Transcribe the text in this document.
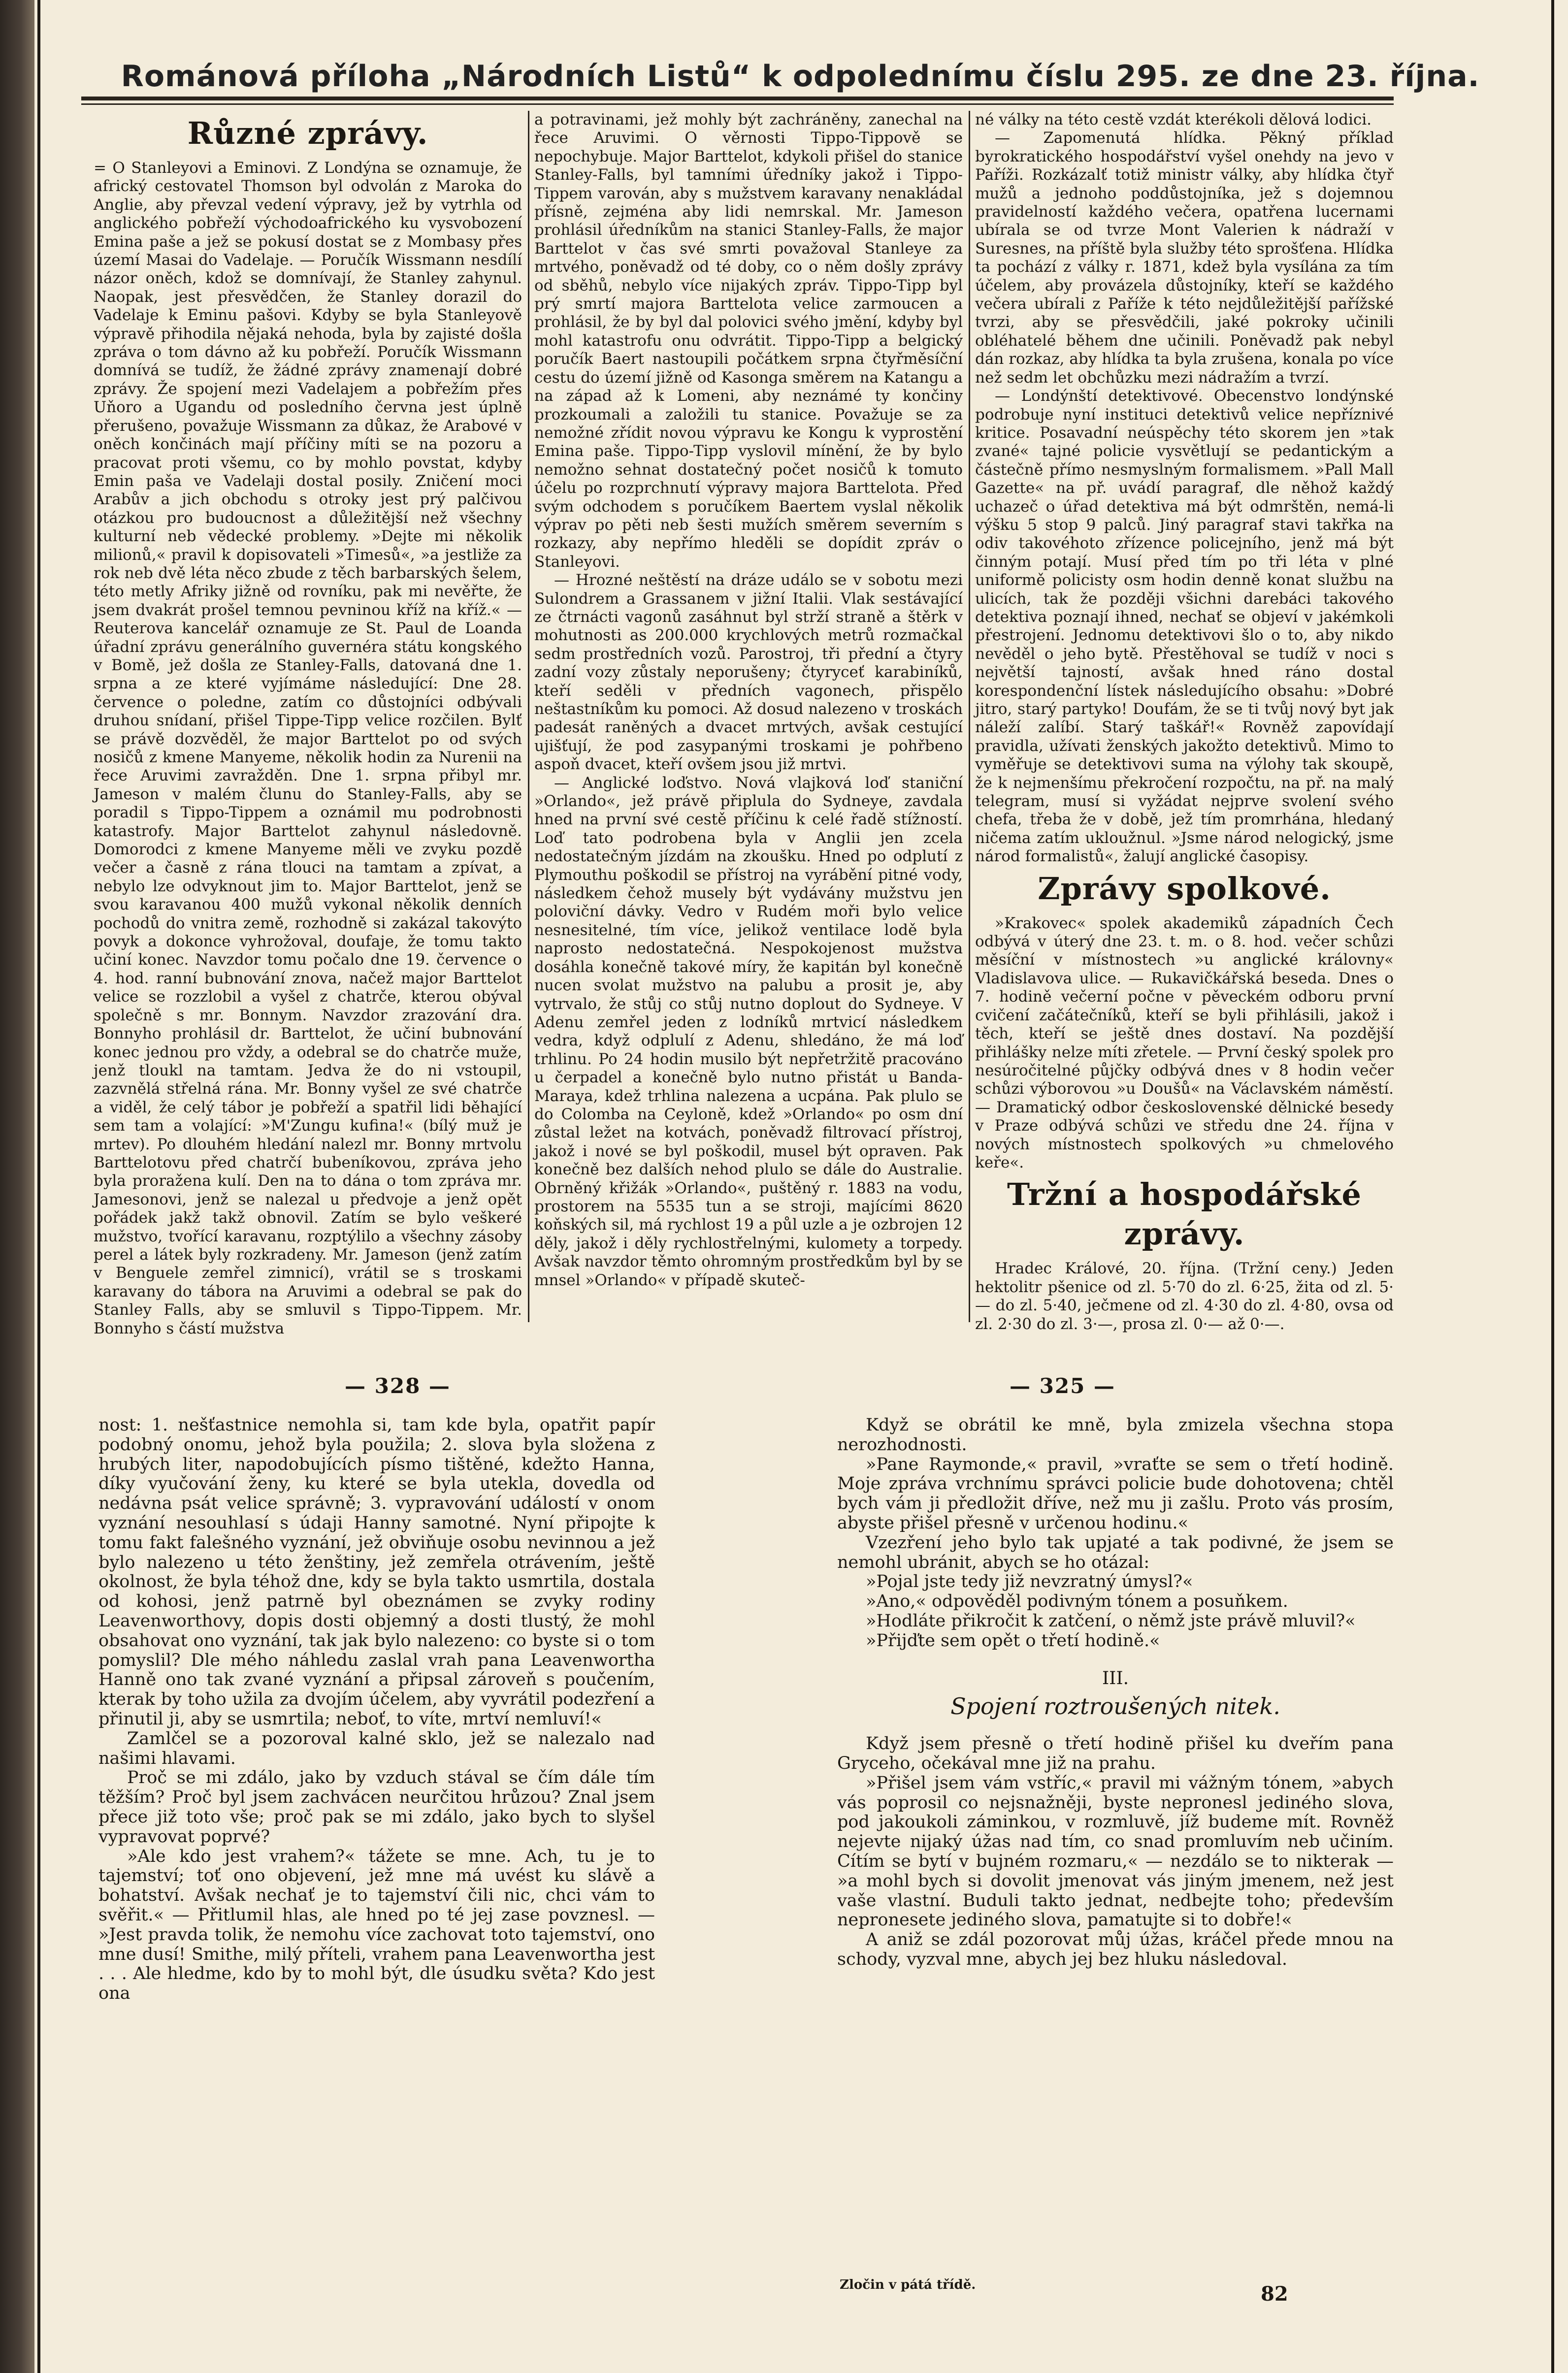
Románová příloha „Národních Listů“ k odpolednímu číslu 295. ze dne 23. října.
Různé zprávy.

= O Stanleyovi a Eminovi. Z Londýna se oznamuje, že africký cestovatel Thomson byl odvolán z Maroka do Anglie, aby převzal vedení výpravy, jež by vytrhla od anglického pobřeží východoafrického ku vysvobození Emina paše a jež se pokusí dostat se z Mombasy přes území Masai do Vadelaje. — Poručík Wissmann nesdílí názor oněch, kdož se domnívají, že Stanley zahynul. Naopak, jest přesvědčen, že Stanley dorazil do Vadelaje k Eminu pašovi. Kdyby se byla Stanleyově výpravě přihodila nějaká nehoda, byla by zajisté došla zpráva o tom dávno až ku pobřeží. Poručík Wissmann domnívá se tudíž, že žádné zprávy znamenají dobré zprávy. Že spojení mezi Vadelajem a pobřežím přes Uňoro a Ugandu od posledního června jest úplně přerušeno, považuje Wissmann za důkaz, že Arabové v oněch končinách mají příčiny míti se na pozoru a pracovat proti všemu, co by mohlo povstat, kdyby Emin paša ve Vadelaji dostal posily. Zničení moci Arabův a jich obchodu s otroky jest prý palčivou otázkou pro budoucnost a důležitější než všechny kulturní neb vědecké problemy. »Dejte mi několik milionů,« pravil k dopisovateli »Timesů«, »a jestliže za rok neb dvě léta něco zbude z těch barbarských šelem, této metly Afriky jižně od rovníku, pak mi nevěřte, že jsem dvakrát prošel temnou pevninou kříž na kříž.« — Reuterova kancelář oznamuje ze St. Paul de Loanda úřadní zprávu generálního guvernéra státu kongského v Bomě, jež došla ze Stanley-Falls, datovaná dne 1. srpna a ze které vyjímáme následující: Dne 28. července o poledne, zatím co důstojníci odbývali druhou snídaní, přišel Tippe-Tipp velice rozčilen. Bylť se právě dozvěděl, že major Barttelot po od svých nosičů z kmene Manyeme, několik hodin za Nurenii na řece Aruvimi zavražděn. Dne 1. srpna přibyl mr. Jameson v malém člunu do Stanley-Falls, aby se poradil s Tippo-Tippem a oznámil mu podrobnosti katastrofy. Major Barttelot zahynul následovně. Domorodci z kmene Manyeme měli ve zvyku pozdě večer a časně z rána tlouci na tamtam a zpívat, a nebylo lze odvyknout jim to. Major Barttelot, jenž se svou karavanou 400 mužů vykonal několik denních pochodů do vnitra země, rozhodně si zakázal takovýto povyk a dokonce vyhrožoval, doufaje, že tomu takto učiní konec. Navzdor tomu počalo dne 19. července o 4. hod. ranní bubnování znova, načež major Barttelot velice se rozzlobil a vyšel z chatrče, kterou obýval společně s mr. Bonnym. Navzdor zrazování dra. Bonnyho prohlásil dr. Barttelot, že učiní bubnování konec jednou pro vždy, a odebral se do chatrče muže, jenž tloukl na tamtam. Jedva že do ni vstoupil, zazvnělá střelná rána. Mr. Bonny vyšel ze své chatrče a viděl, že celý tábor je pobřeží a spatřil lidi běhající sem tam a volající: »M'Zungu kufina!« (bílý muž je mrtev). Po dlouhém hledání nalezl mr. Bonny mrtvolu Barttelotovu před chatrčí bubeníkovou, zpráva jeho byla proražena kulí. Den na to dána o tom zpráva mr. Jamesonovi, jenž se nalezal u předvoje a jenž opět pořádek jakž takž obnovil. Zatím se bylo veškeré mužstvo, tvořící karavanu, rozptýlilo a všechny zásoby perel a látek byly rozkradeny. Mr. Jameson (jenž zatím v Benguele zemřel zimnicí), vrátil se s troskami karavany do tábora na Aruvimi a odebral se pak do Stanley Falls, aby se smluvil s Tippo-Tippem. Mr. Bonnyho s částí mužstva

a potravinami, jež mohly být zachráněny, zanechal na řece Aruvimi. O věrnosti Tippo-Tippově se nepochybuje. Major Barttelot, kdykoli přišel do stanice Stanley-Falls, byl tamními úředníky jakož i Tippo-Tippem varován, aby s mužstvem karavany nenakládal přísně, zejména aby lidi nemrskal. Mr. Jameson prohlásil úředníkům na stanici Stanley-Falls, že major Barttelot v čas své smrti považoval Stanleye za mrtvého, poněvadž od té doby, co o něm došly zprávy od sběhů, nebylo více nijakých zpráv. Tippo-Tipp byl prý smrtí majora Barttelota velice zarmoucen a prohlásil, že by byl dal polovici svého jmění, kdyby byl mohl katastrofu onu odvrátit. Tippo-Tipp a belgický poručík Baert nastoupili počátkem srpna čtyřměsíční cestu do území jižně od Kasonga směrem na Katangu a na západ až k Lomeni, aby neznámé ty končiny prozkoumali a založili tu stanice. Považuje se za nemožné zřídit novou výpravu ke Kongu k vyprostění Emina paše. Tippo-Tipp vyslovil mínění, že by bylo nemožno sehnat dostatečný počet nosičů k tomuto účelu po rozprchnutí výpravy majora Barttelota. Před svým odchodem s poručíkem Baertem vyslal několik výprav po pěti neb šesti mužích směrem severním s rozkazy, aby nepřímo hleděli se dopídit zpráv o Stanleyovi.

— Hrozné neštěstí na dráze událo se v sobotu mezi Sulondrem a Grassanem v jižní Italii. Vlak sestávající ze čtrnácti vagonů zasáhnut byl strží straně a štěrk v mohutnosti as 200.000 krychlových metrů rozmačkal sedm prostředních vozů. Parostroj, tři přední a čtyry zadní vozy zůstaly neporušeny; čtyryceť karabiníků, kteří seděli v předních vagonech, přispělo neštastníkům ku pomoci. Až dosud nalezeno v troskách padesát raněných a dvacet mrtvých, avšak cestující ujišťují, že pod zasypanými troskami je pohřbeno aspoň dvacet, kteří ovšem jsou již mrtvi.

— Anglické loďstvo. Nová vlajková loď staniční »Orlando«, jež právě připlula do Sydneye, zavdala hned na první své cestě příčinu k celé řadě stížností. Loď tato podrobena byla v Anglii jen zcela nedostatečným jízdám na zkoušku. Hned po odplutí z Plymouthu poškodil se přístroj na vyrábění pitné vody, následkem čehož musely být vydávány mužstvu jen poloviční dávky. Vedro v Rudém moři bylo velice nesnesitelné, tím více, jelikož ventilace lodě byla naprosto nedostatečná. Nespokojenost mužstva dosáhla konečně takové míry, že kapitán byl konečně nucen svolat mužstvo na palubu a prosit je, aby vytrvalo, že stůj co stůj nutno doplout do Sydneye. V Adenu zemřel jeden z lodníků mrtvicí následkem vedra, když odplulí z Adenu, shledáno, že má loď trhlinu. Po 24 hodin musilo být nepřetržitě pracováno u čerpadel a konečně bylo nutno přistát u Banda-Maraya, kdež trhlina nalezena a ucpána. Pak plulo se do Colomba na Ceyloně, kdež »Orlando« po osm dní zůstal ležet na kotvách, poněvadž filtrovací přístroj, jakož i nové se byl poškodil, musel být opraven. Pak konečně bez dalších nehod plulo se dále do Australie. Obrněný křižák »Orlando«, puštěný r. 1883 na vodu, prostorem na 5535 tun a se stroji, majícími 8620 koňských sil, má rychlost 19 a půl uzle a je ozbrojen 12 děly, jakož i děly rychlostřelnými, kulomety a torpedy. Avšak navzdor těmto ohromným prostředkům byl by se mnsel »Orlando« v případě skuteč-

né války na této cestě vzdát kterékoli dělová lodici.

— Zapomenutá hlídka. Pěkný příklad byrokratického hospodářství vyšel onehdy na jevo v Paříži. Rozkázalť totiž ministr války, aby hlídka čtyř mužů a jednoho poddůstojníka, jež s dojemnou pravidelností každého večera, opatřena lucernami ubírala se od tvrze Mont Valerien k nádraží v Suresnes, na příště byla služby této sprošťena. Hlídka ta pochází z války r. 1871, kdež byla vysílána za tím účelem, aby provázela důstojníky, kteří se každého večera ubírali z Paříže k této nejdůležitější pařížské tvrzi, aby se přesvědčili, jaké pokroky učinili obléhatelé během dne učinili. Poněvadž pak nebyl dán rozkaz, aby hlídka ta byla zrušena, konala po více než sedm let obchůzku mezi nádražím a tvrzí.

— Londýnští detektivové. Obecenstvo londýnské podrobuje nyní instituci detektivů velice nepříznivé kritice. Posavadní neúspěchy této skorem jen »tak zvané« tajné policie vysvětlují se pedantickým a částečně přímo nesmyslným formalismem. »Pall Mall Gazette« na př. uvádí paragraf, dle něhož každý uchazeč o úřad detektiva má být odmrštěn, nemá-li výšku 5 stop 9 palců. Jiný paragraf stavi takřka na odiv takovéhoto zřízence policejního, jenž má být činným potají. Musí před tím po tři léta v plné uniformě policisty osm hodin denně konat službu na ulicích, tak že později všichni darebáci takového detektiva poznají ihned, nechať se objeví v jakémkoli přestrojení. Jednomu detektivovi šlo o to, aby nikdo nevěděl o jeho bytě. Přestěhoval se tudíž v noci s největší tajností, avšak hned ráno dostal korespondenční lístek následujícího obsahu: »Dobré jitro, starý partyko! Doufám, že se ti tvůj nový byt jak náleží zalíbí. Starý taškář!« Rovněž zapovídají pravidla, užívati ženských jakožto detektivů. Mimo to vyměřuje se detektivovi suma na výlohy tak skoupě, že k nejmenšímu překročení rozpočtu, na př. na malý telegram, musí si vyžádat nejprve svolení svého chefa, třeba že v době, jež tím promrhána, hledaný ničema zatím ukloužnul. »Jsme národ nelogický, jsme národ formalistů«, žalují anglické časopisy.

Zprávy spolkové.

»Krakovec« spolek akademiků západních Čech odbývá v úterý dne 23. t. m. o 8. hod. večer schůzi měsíční v místnostech »u anglické královny« Vladislavova ulice. — Rukavičkářská beseda. Dnes o 7. hodině večerní počne v pěveckém odboru první cvičení začátečníků, kteří se byli přihlásili, jakož i těch, kteří se ještě dnes dostaví. Na pozdější přihlášky nelze míti zřetele. — První český spolek pro nesúročitelné půjčky odbývá dnes v 8 hodin večer schůzi výborovou »u Doušů« na Václavském náměstí. — Dramatický odbor československé dělnické besedy v Praze odbývá schůzi ve středu dne 24. října v nových místnostech spolkových »u chmelového keře«.

Tržní a hospodářské zprávy.

Hradec Králové, 20. října. (Tržní ceny.) Jeden hektolitr pšenice od zl. 5·70 do zl. 6·25, žita od zl. 5·— do zl. 5·40, ječmene od zl. 4·30 do zl. 4·80, ovsa od zl. 2·30 do zl. 3·—, prosa zl. 0·— až 0·—.

— 328 —	— 325 —

nost: 1. nešťastnice nemohla si, tam kde byla, opatřit papír podobný onomu, jehož byla použila; 2. slova byla složena z hrubých liter, napodobujících písmo tištěné, kdežto Hanna, díky vyučování ženy, ku které se byla utekla, dovedla od nedávna psát velice správně; 3. vypravování událostí v onom vyznání nesouhlasí s údaji Hanny samotné. Nyní připojte k tomu fakt falešného vyznání, jež obviňuje osobu nevinnou a jež bylo nalezeno u této ženštiny, jež zemřela otrávením, ještě okolnost, že byla téhož dne, kdy se byla takto usmrtila, dostala od kohosi, jenž patrně byl obeznámen se zvyky rodiny Leavenworthovy, dopis dosti objemný a dosti tlustý, že mohl obsahovat ono vyznání, tak jak bylo nalezeno: co byste si o tom pomyslil? Dle mého náhledu zaslal vrah pana Leavenwortha Hanně ono tak zvané vyznání a připsal zároveň s poučením, kterak by toho užila za dvojím účelem, aby vyvrátil podezření a přinutil ji, aby se usmrtila; neboť, to víte, mrtví nemluví!«

Zamlčel se a pozoroval kalné sklo, jež se nalezalo nad našimi hlavami.

Proč se mi zdálo, jako by vzduch stával se čím dále tím těžším? Proč byl jsem zachvácen neurčitou hrůzou? Znal jsem přece již toto vše; proč pak se mi zdálo, jako bych to slyšel vypravovat poprvé?

»Ale kdo jest vrahem?« tážete se mne. Ach, tu je to tajemství; toť ono objevení, jež mne má uvést ku slávě a bohatství. Avšak nechať je to tajemství čili nic, chci vám to svěřit.« — Přitlumil hlas, ale hned po té jej zase povznesl. — »Jest pravda tolik, že nemohu více zachovat toto tajemství, ono mne dusí! Smithe, milý příteli, vrahem pana Leavenwortha jest . . . Ale hledme, kdo by to mohl být, dle úsudku světa? Kdo jest ona

Když se obrátil ke mně, byla zmizela všechna stopa nerozhodnosti.

»Pane Raymonde,« pravil, »vraťte se sem o třetí hodině. Moje zpráva vrchnímu správci policie bude dohotovena; chtěl bych vám ji předložit dříve, než mu ji zašlu. Proto vás prosím, abyste přišel přesně v určenou hodinu.«

Vzezření jeho bylo tak upjaté a tak podivné, že jsem se nemohl ubránit, abych se ho otázal:

»Pojal jste tedy již nevzratný úmysl?«

»Ano,« odpověděl podivným tónem a posuňkem.

»Hodláte přikročit k zatčení, o němž jste právě mluvil?«

»Přijďte sem opět o třetí hodině.«

III.
Spojení roztroušených nitek.

Když jsem přesně o třetí hodině přišel ku dveřím pana Gryceho, očekával mne již na prahu.

»Přišel jsem vám vstříc,« pravil mi vážným tónem, »abych vás poprosil co nejsnažněji, byste nepronesl jediného slova, pod jakoukoli záminkou, v rozmluvě, jíž budeme mít. Rovněž nejevte nijaký úžas nad tím, co snad promluvím neb učiním. Cítím se bytí v bujném rozmaru,« — nezdálo se to nikterak — »a mohl bych si dovolit jmenovat vás jiným jmenem, než jest vaše vlastní. Buduli takto jednat, nedbejte toho; především nepronesete jediného slova, pamatujte si to dobře!«

A aniž se zdál pozorovat můj úžas, kráčel přede mnou na schody, vyzval mne, abych jej bez hluku následoval.

Zločin v pátá třídě.	82
